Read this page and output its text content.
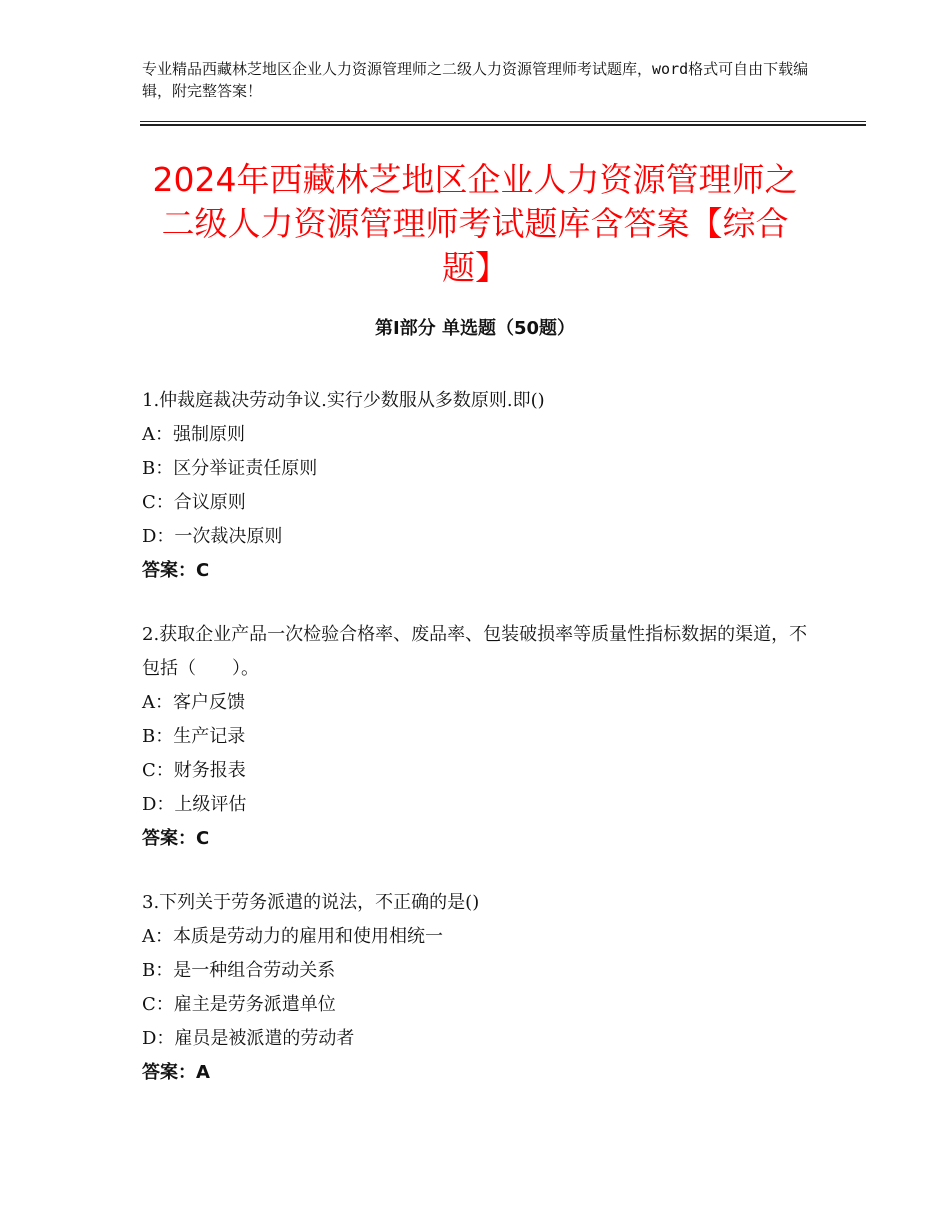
专业精品西藏林芝地区企业人力资源管理师之二级人力资源管理师考试题库，word格式可自由下载编辑，附完整答案！
2024年西藏林芝地区企业人力资源管理师之二级人力资源管理师考试题库含答案【综合题】
第Ⅰ部分 单选题（50题）

1.仲裁庭裁决劳动争议.实行少数服从多数原则.即()

A：强制原则

B：区分举证责任原则

C：合议原则

D：一次裁决原则

答案：C

2.获取企业产品一次检验合格率、废品率、包装破损率等质量性指标数据的渠道，不包括（　　）。

A：客户反馈

B：生产记录

C：财务报表

D：上级评估

答案：C

3.下列关于劳务派遣的说法，不正确的是()

A：本质是劳动力的雇用和使用相统一

B：是一种组合劳动关系

C：雇主是劳务派遣单位

D：雇员是被派遣的劳动者

答案：A
